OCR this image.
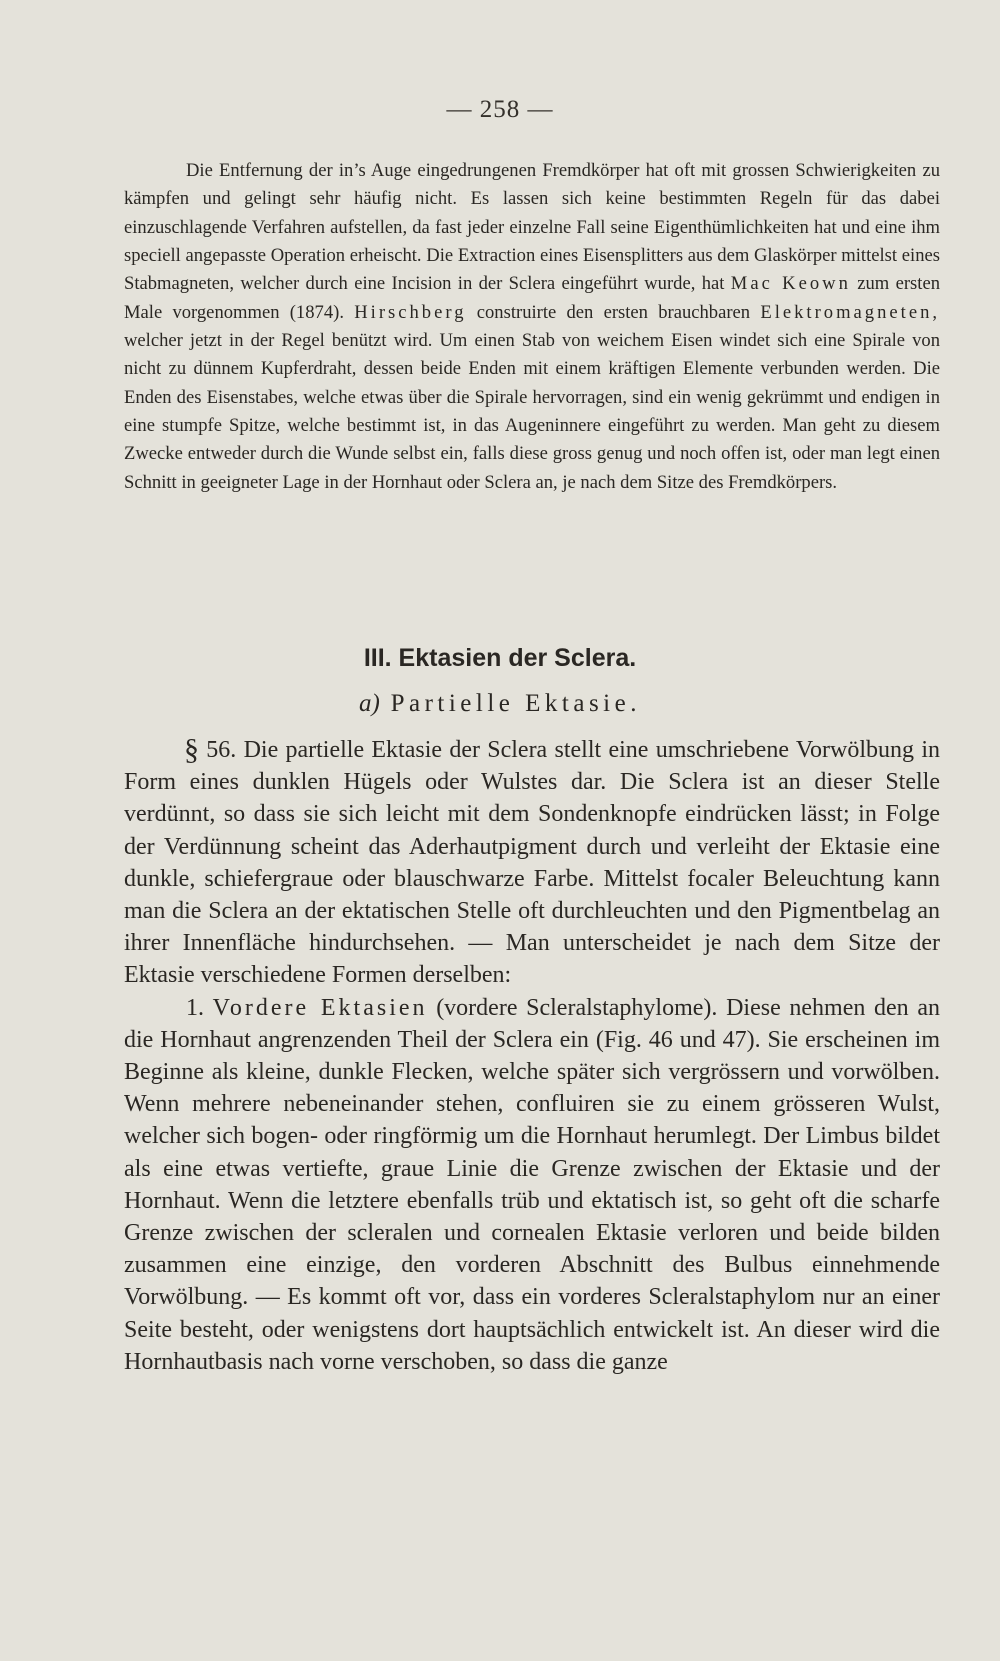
— 258 —

Die Entfernung der in’s Auge eingedrungenen Fremdkörper hat oft mit grossen Schwierigkeiten zu kämpfen und gelingt sehr häufig nicht. Es lassen sich keine bestimmten Regeln für das dabei einzuschlagende Verfahren aufstellen, da fast jeder einzelne Fall seine Eigenthümlichkeiten hat und eine ihm speciell angepasste Operation erheischt. Die Extraction eines Eisensplitters aus dem Glaskörper mittelst eines Stabmagneten, welcher durch eine Incision in der Sclera eingeführt wurde, hat Mac Keown zum ersten Male vorgenommen (1874). Hirschberg construirte den ersten brauchbaren Elektromagneten, welcher jetzt in der Regel benützt wird. Um einen Stab von weichem Eisen windet sich eine Spirale von nicht zu dünnem Kupferdraht, dessen beide Enden mit einem kräftigen Elemente verbunden werden. Die Enden des Eisenstabes, welche etwas über die Spirale hervorragen, sind ein wenig gekrümmt und endigen in eine stumpfe Spitze, welche bestimmt ist, in das Augeninnere eingeführt zu werden. Man geht zu diesem Zwecke entweder durch die Wunde selbst ein, falls diese gross genug und noch offen ist, oder man legt einen Schnitt in geeigneter Lage in der Hornhaut oder Sclera an, je nach dem Sitze des Fremdkörpers.

III. Ektasien der Sclera.
a) Partielle Ektasie.

§ 56. Die partielle Ektasie der Sclera stellt eine umschriebene Vorwölbung in Form eines dunklen Hügels oder Wulstes dar. Die Sclera ist an dieser Stelle verdünnt, so dass sie sich leicht mit dem Sondenknopfe eindrücken lässt; in Folge der Verdünnung scheint das Aderhautpigment durch und verleiht der Ektasie eine dunkle, schiefergraue oder blauschwarze Farbe. Mittelst focaler Beleuchtung kann man die Sclera an der ektatischen Stelle oft durchleuchten und den Pigmentbelag an ihrer Innenfläche hindurchsehen. — Man unterscheidet je nach dem Sitze der Ektasie verschiedene Formen derselben:

1. Vordere Ektasien (vordere Scleralstaphylome). Diese nehmen den an die Hornhaut angrenzenden Theil der Sclera ein (Fig. 46 und 47). Sie erscheinen im Beginne als kleine, dunkle Flecken, welche später sich vergrössern und vorwölben. Wenn mehrere nebeneinander stehen, confluiren sie zu einem grösseren Wulst, welcher sich bogen- oder ringförmig um die Hornhaut herumlegt. Der Limbus bildet als eine etwas vertiefte, graue Linie die Grenze zwischen der Ektasie und der Hornhaut. Wenn die letztere ebenfalls trüb und ektatisch ist, so geht oft die scharfe Grenze zwischen der scleralen und cornealen Ektasie verloren und beide bilden zusammen eine einzige, den vorderen Abschnitt des Bulbus einnehmende Vorwölbung. — Es kommt oft vor, dass ein vorderes Scleralstaphylom nur an einer Seite besteht, oder wenigstens dort hauptsächlich entwickelt ist. An dieser wird die Hornhautbasis nach vorne verschoben, so dass die ganze
